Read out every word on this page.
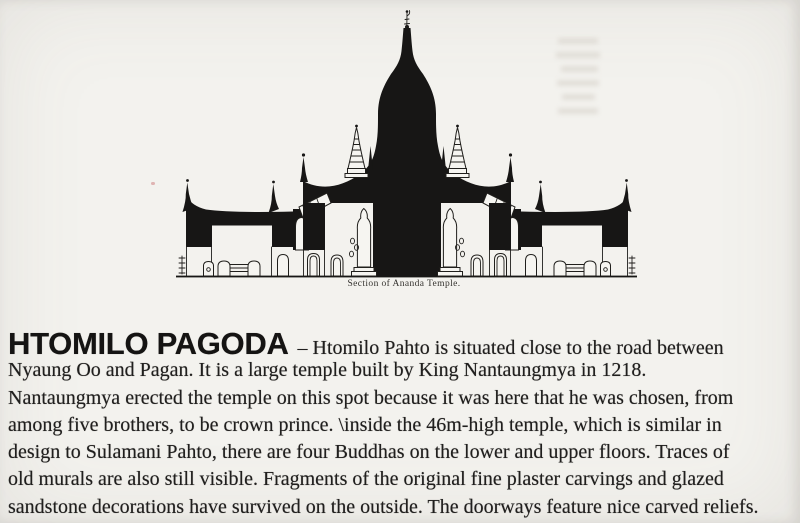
Section of Ananda Temple.
HTOMILO PAGODA – Htomilo Pahto is situated close to the road between
Nyaung Oo and Pagan. It is a large temple built by King Nantaungmya in 1218.
Nantaungmya erected the temple on this spot because it was here that he was chosen, from
among five brothers, to be crown prince. \inside the 46m-high temple, which is similar in
design to Sulamani Pahto, there are four Buddhas on the lower and upper floors. Traces of
old murals are also still visible. Fragments of the original fine plaster carvings and glazed
sandstone decorations have survived on the outside. The doorways feature nice carved reliefs.
